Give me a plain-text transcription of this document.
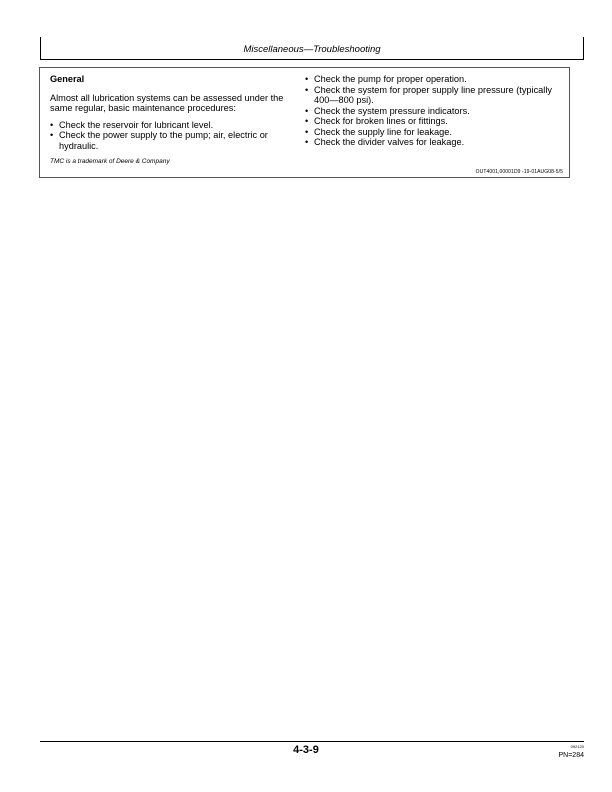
Miscellaneous—Troubleshooting

General

Almost all lubrication systems can be assessed under the same regular, basic maintenance procedures:

• Check the reservoir for lubricant level.
• Check the power supply to the pump; air, electric or hydraulic.
• Check the pump for proper operation.
• Check the system for proper supply line pressure (typically 400—800 psi).
• Check the system pressure indicators.
• Check for broken lines or fittings.
• Check the supply line for leakage.
• Check the divider valves for leakage.
TMC is a trademark of Deere & Company
OUT4001,00001D9 -19-01AUG08-5/5
4-3-9	092120
PN=284
